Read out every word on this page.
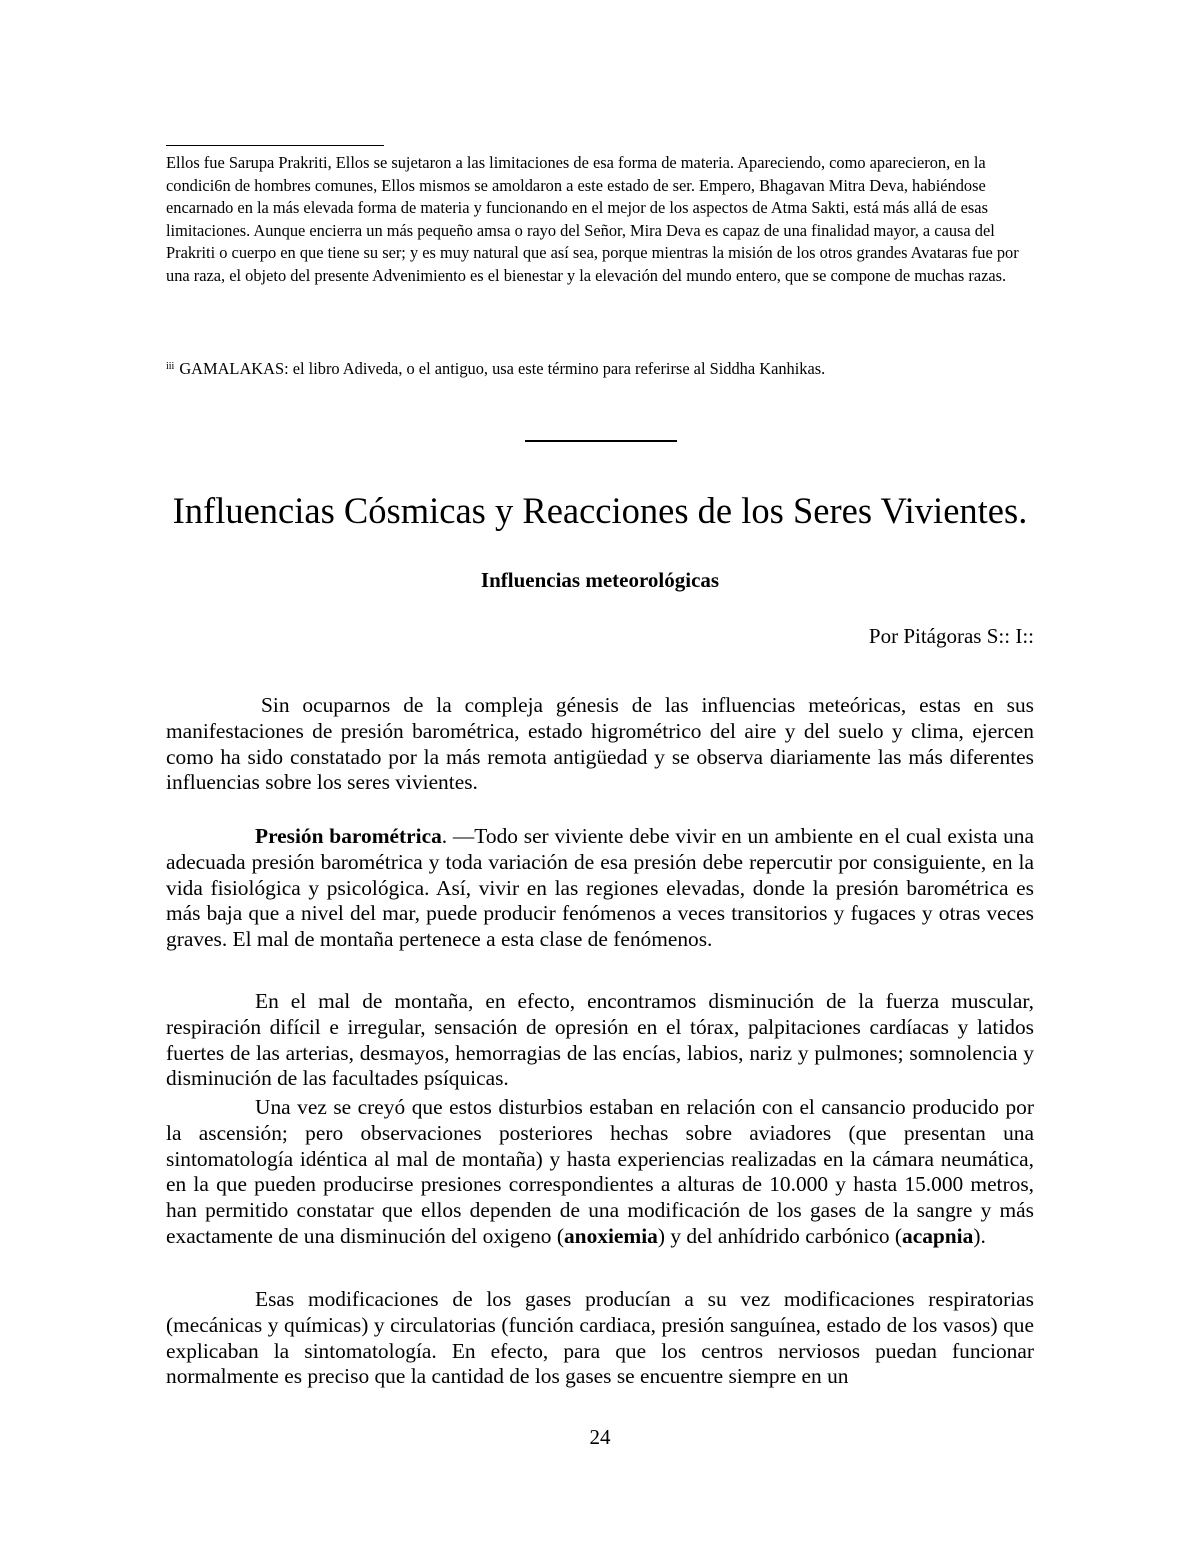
Ellos fue Sarupa Prakriti, Ellos se sujetaron a las limitaciones de esa forma de materia. Apareciendo, como aparecieron, en la condici6n de hombres comunes, Ellos mismos se amoldaron a este estado de ser. Empero, Bhagavan Mitra Deva, habiéndose encarnado en la más elevada forma de materia y funcionando en el mejor de los aspectos de Atma Sakti, está más allá de esas limitaciones. Aunque encierra un más pequeño amsa o rayo del Señor, Mira Deva es capaz de una finalidad mayor, a causa del Prakriti o cuerpo en que tiene su ser; y es muy natural que así sea, porque mientras la misión de los otros grandes Avataras fue por una raza, el objeto del presente Advenimiento es el bienestar y la elevación del mundo entero, que se compone de muchas razas.

$^{iii}$ GAMALAKAS: el libro Adiveda, o el antiguo, usa este término para referirse al Siddha Kanhikas.

Influencias Cósmicas y Reacciones de los Seres Vivientes.
Influencias meteorológicas

Por Pitágoras S:: I::

Sin ocuparnos de la compleja génesis de las influencias meteóricas, estas en sus manifestaciones de presión barométrica, estado higrométrico del aire y del suelo y clima, ejercen como ha sido constatado por la más remota antigüedad y se observa diariamente las más diferentes influencias sobre los seres vivientes.

Presión barométrica. —Todo ser viviente debe vivir en un ambiente en el cual exista una adecuada presión barométrica y toda variación de esa presión debe repercutir por consiguiente, en la vida fisiológica y psicológica. Así, vivir en las regiones elevadas, donde la presión barométrica es más baja que a nivel del mar, puede producir fenómenos a veces transitorios y fugaces y otras veces graves. El mal de montaña pertenece a esta clase de fenómenos.

En el mal de montaña, en efecto, encontramos disminución de la fuerza muscular, respiración difícil e irregular, sensación de opresión en el tórax, palpitaciones cardíacas y latidos fuertes de las arterias, desmayos, hemorragias de las encías, labios, nariz y pulmones; somnolencia y disminución de las facultades psíquicas.

Una vez se creyó que estos disturbios estaban en relación con el cansancio producido por la ascensión; pero observaciones posteriores hechas sobre aviadores (que presentan una sintomatología idéntica al mal de montaña) y hasta experiencias realizadas en la cámara neumática, en la que pueden producirse presiones correspondientes a alturas de 10.000 y hasta 15.000 metros, han permitido constatar que ellos dependen de una modificación de los gases de la sangre y más exactamente de una disminución del oxigeno (anoxiemia) y del anhídrido carbónico (acapnia).

Esas modificaciones de los gases producían a su vez modificaciones respiratorias (mecánicas y químicas) y circulatorias (función cardiaca, presión sanguínea, estado de los vasos) que explicaban la sintomatología. En efecto, para que los centros nerviosos puedan funcionar normalmente es preciso que la cantidad de los gases se encuentre siempre en un

24
